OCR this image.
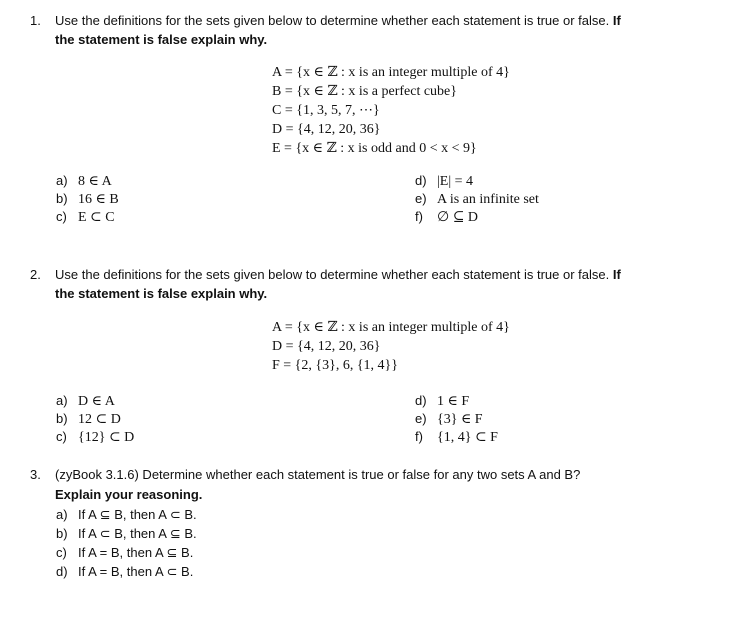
1. Use the definitions for the sets given below to determine whether each statement is true or false. If
the statement is false explain why.
A = {x ∈ ℤ : x is an integer multiple of 4}
B = {x ∈ ℤ : x is a perfect cube}
C = {1, 3, 5, 7, ⋯}
D = {4, 12, 20, 36}
E = {x ∈ ℤ : x is odd and 0 < x < 9}
a) 8 ∈ A
b) 16 ∈ B
c) E ⊂ C
d) |E| = 4
e) A is an infinite set
f) ∅ ⊆ D
2. Use the definitions for the sets given below to determine whether each statement is true or false. If
the statement is false explain why.
A = {x ∈ ℤ : x is an integer multiple of 4}
D = {4, 12, 20, 36}
F = {2, {3}, 6, {1, 4}}
a) D ∈ A
b) 12 ⊂ D
c) {12} ⊂ D
d) 1 ∈ F
e) {3} ∈ F
f) {1, 4} ⊂ F
3. (zyBook 3.1.6) Determine whether each statement is true or false for any two sets A and B?
Explain your reasoning.
a) If A ⊆ B, then A ⊂ B.
b) If A ⊂ B, then A ⊆ B.
c) If A = B, then A ⊆ B.
d) If A = B, then A ⊂ B.
